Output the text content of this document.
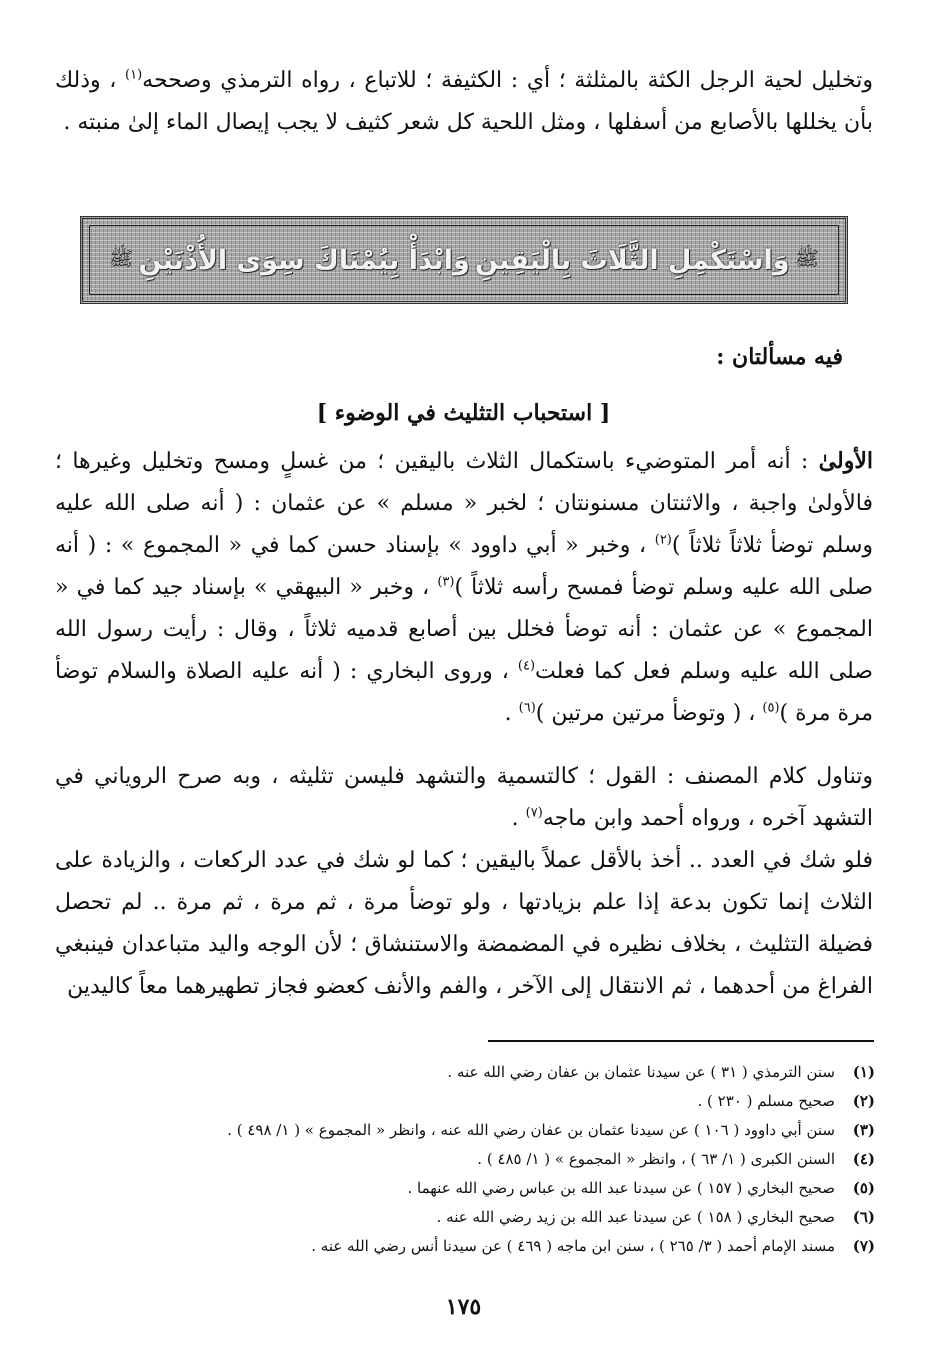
وتخليل لحية الرجل الكثة بالمثلثة ؛ أي : الكثيفة ؛ للاتباع ، رواه الترمذي وصححه$^{(١)}$ ، وذلك بأن يخللها بالأصابع من أسفلها ، ومثل اللحية كل شعر كثيف لا يجب إيصال الماء إلىٰ منبته .

ﷺ
وَاسْتَكْمِلِ الثَّلَاثَ بِالْيَقِينِ
وَابْدَأْ بِيُمْنَاكَ سِوَى الأُذْنَيْنِ
ﷺ
فيه مسألتان :
[ استحباب التثليث في الوضوء ]

الأولىٰ : أنه أمر المتوضيء باستكمال الثلاث باليقين ؛ من غسلٍ ومسح وتخليل وغيرها ؛ فالأولىٰ واجبة ، والاثنتان مسنونتان ؛ لخبر « مسلم » عن عثمان : ( أنه صلى الله عليه وسلم توضأ ثلاثاً ثلاثاً )$^{(٢)}$ ، وخبر « أبي داوود » بإسناد حسن كما في « المجموع » : ( أنه صلى الله عليه وسلم توضأ فمسح رأسه ثلاثاً )$^{(٣)}$ ، وخبر « البيهقي » بإسناد جيد كما في « المجموع » عن عثمان : أنه توضأ فخلل بين أصابع قدميه ثلاثاً ، وقال : رأيت رسول الله صلى الله عليه وسلم فعل كما فعلت$^{(٤)}$ ، وروى البخاري : ( أنه عليه الصلاة والسلام توضأ مرة مرة )$^{(٥)}$ ، ( وتوضأ مرتين مرتين )$^{(٦)}$ .

وتناول كلام المصنف : القول ؛ كالتسمية والتشهد فليسن تثليثه ، وبه صرح الروياني في التشهد آخره ، ورواه أحمد وابن ماجه$^{(٧)}$ .

فلو شك في العدد .. أخذ بالأقل عملاً باليقين ؛ كما لو شك في عدد الركعات ، والزيادة على الثلاث إنما تكون بدعة إذا علم بزيادتها ، ولو توضأ مرة ، ثم مرة ، ثم مرة .. لم تحصل فضيلة التثليث ، بخلاف نظيره في المضمضة والاستنشاق ؛ لأن الوجه واليد متباعدان فينبغي الفراغ من أحدهما ، ثم الانتقال إلى الآخر ، والفم والأنف كعضو فجاز تطهيرهما معاً كاليدين

(١)
سنن الترمذي ( ٣١ ) عن سيدنا عثمان بن عفان رضي الله عنه .
(٢)
صحيح مسلم ( ٢٣٠ ) .
(٣)
سنن أبي داوود ( ١٠٦ ) عن سيدنا عثمان بن عفان رضي الله عنه ، وانظر « المجموع » ( ١/ ٤٩٨ ) .
(٤)
السنن الكبرى ( ١/ ٦٣ ) ، وانظر « المجموع » ( ١/ ٤٨٥ ) .
(٥)
صحيح البخاري ( ١٥٧ ) عن سيدنا عبد الله بن عباس رضي الله عنهما .
(٦)
صحيح البخاري ( ١٥٨ ) عن سيدنا عبد الله بن زيد رضي الله عنه .
(٧)
مسند الإمام أحمد ( ٣/ ٢٦٥ ) ، سنن ابن ماجه ( ٤٦٩ ) عن سيدنا أنس رضي الله عنه .
١٧٥
